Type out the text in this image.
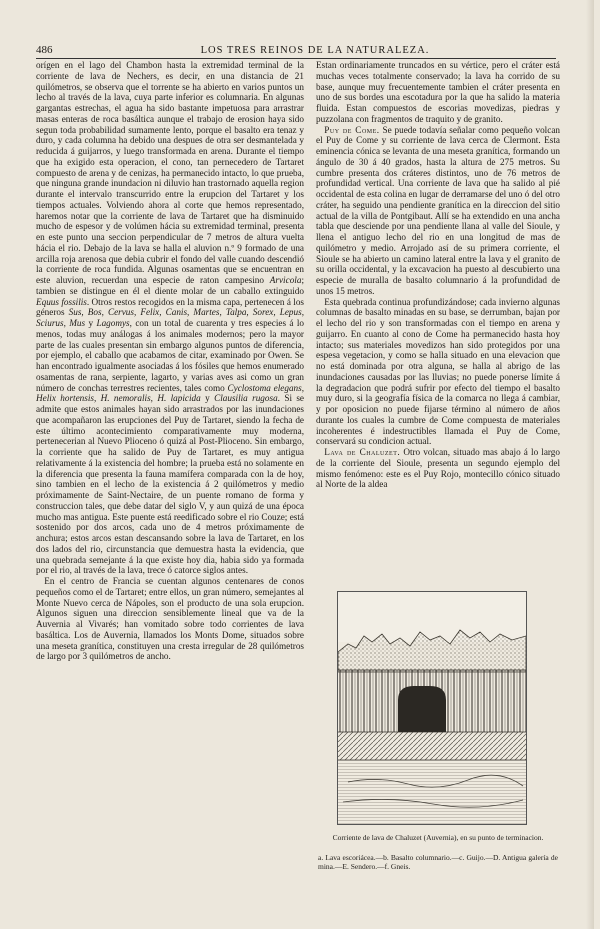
486	LOS TRES REINOS DE LA NATURALEZA.

orígen en el lago del Chambon hasta la extremidad terminal de la corriente de lava de Nechers, es decir, en una distancia de 21 quilómetros, se observa que el torrente se ha abierto en varios puntos un lecho al través de la lava, cuya parte inferior es columnaria. En algunas gargantas estrechas, el agua ha sido bastante impetuosa para arrastrar masas enteras de roca basáltica aunque el trabajo de erosion haya sido segun toda probabilidad sumamente lento, porque el basalto era tenaz y duro, y cada columna ha debido una despues de otra ser desmantelada y reducida á guijarros, y luego transformada en arena. Durante el tiempo que ha exigido esta operacion, el cono, tan pernecedero de Tartaret compuesto de arena y de cenizas, ha permanecido intacto, lo que prueba, que ninguna grande inundacion ni diluvio han trastornado aquella region durante el intervalo transcurrido entre la erupcion del Tartaret y los tiempos actuales. Volviendo ahora al corte que hemos representado, haremos notar que la corriente de lava de Tartaret que ha disminuido mucho de espesor y de volúmen hácia su extremidad terminal, presenta en este punto una seccion perpendicular de 7 metros de altura vuelta hácia el rio. Debajo de la lava se halla el aluvion n.º 9 formado de una arcilla roja arenosa que debia cubrir el fondo del valle cuando descendió la corriente de roca fundida. Algunas osamentas que se encuentran en este aluvion, recuerdan una especie de raton campesino Arvicola; tambien se distingue en él el diente molar de un caballo extinguido Equus fossilis. Otros restos recogidos en la misma capa, pertenecen á los géneros Sus, Bos, Cervus, Felix, Canis, Martes, Talpa, Sorex, Lepus, Sciurus, Mus y Lagomys, con un total de cuarenta y tres especies á lo menos, todas muy análogas á los animales modernos; pero la mayor parte de las cuales presentan sin embargo algunos puntos de diferencia, por ejemplo, el caballo que acabamos de citar, examinado por Owen. Se han encontrado igualmente asociadas á los fósiles que hemos enumerado osamentas de rana, serpiente, lagarto, y varias aves asi como un gran número de conchas terrestres recientes, tales como Cyclostoma elegans, Helix hortensis, H. nemoralis, H. lapicida y Clausilia rugosa. Si se admite que estos animales hayan sido arrastrados por las inundaciones que acompañaron las erupciones del Puy de Tartaret, siendo la fecha de este último acontecimiento comparativamente muy moderna, pertenecerian al Nuevo Plioceno ó quizá al Post-Plioceno. Sin embargo, la corriente que ha salido de Puy de Tartaret, es muy antigua relativamente á la existencia del hombre; la prueba está no solamente en la diferencia que presenta la fauna mamífera comparada con la de hoy, sino tambien en el lecho de la existencia á 2 quilómetros y medio próximamente de Saint-Nectaire, de un puente romano de forma y construccion tales, que debe datar del siglo V, y aun quizá de una época mucho mas antigua. Este puente está reedificado sobre el rio Couze; está sostenido por dos arcos, cada uno de 4 metros próximamente de anchura; estos arcos estan descansando sobre la lava de Tartaret, en los dos lados del rio, circunstancia que demuestra hasta la evidencia, que una quebrada semejante á la que existe hoy dia, habia sido ya formada por el rio, al través de la lava, trece ó catorce siglos antes.

En el centro de Francia se cuentan algunos centenares de conos pequeños como el de Tartaret; entre ellos, un gran número, semejantes al Monte Nuevo cerca de Nápoles, son el producto de una sola erupcion. Algunos siguen una direccion sensiblemente lineal que va de la Auvernia al Vivarés; han vomitado sobre todo corrientes de lava basáltica. Los de Auvernia, llamados los Monts Dome, situados sobre una meseta granítica, constituyen una cresta irregular de 28 quilómetros de largo por 3 quilómetros de ancho.

Estan ordinariamente truncados en su vértice, pero el cráter está muchas veces totalmente conservado; la lava ha corrido de su base, aunque muy frecuentemente tambien el cráter presenta en uno de sus bordes una escotadura por la que ha salido la materia fluida. Estan compuestos de escorias movedizas, piedras y puzzolana con fragmentos de traquito y de granito.

Puy de Come. Se puede todavía señalar como pequeño volcan el Puy de Come y su corriente de lava cerca de Clermont. Esta eminencia cónica se levanta de una meseta granítica, formando un ángulo de 30 á 40 grados, hasta la altura de 275 metros. Su cumbre presenta dos cráteres distintos, uno de 76 metros de profundidad vertical. Una corriente de lava que ha salido al pié occidental de esta colina en lugar de derramarse del uno ó del otro cráter, ha seguido una pendiente granítica en la direccion del sitio actual de la villa de Pontgibaut. Allí se ha extendido en una ancha tabla que desciende por una pendiente llana al valle del Sioule, y llena el antiguo lecho del rio en una longitud de mas de quilómetro y medio. Arrojado así de su primera corriente, el Sioule se ha abierto un camino lateral entre la lava y el granito de su orilla occidental, y la excavacion ha puesto al descubierto una especie de muralla de basalto columnario á la profundidad de unos 15 metros.

Esta quebrada continua profundizándose; cada invierno algunas columnas de basalto minadas en su base, se derrumban, bajan por el lecho del rio y son transformadas con el tiempo en arena y guijarro. En cuanto al cono de Come ha permanecido hasta hoy intacto; sus materiales movedizos han sido protegidos por una espesa vegetacion, y como se halla situado en una elevacion que no está dominada por otra alguna, se halla al abrigo de las inundaciones causadas por las lluvias; no puede ponerse límite á la degradacion que podrá sufrir por efecto del tiempo el basalto muy duro, si la geografía física de la comarca no llega á cambiar, y por oposicion no puede fijarse término al número de años durante los cuales la cumbre de Come compuesta de materiales incoherentes é indestructibles llamada el Puy de Come, conservará su condicion actual.

Lava de Chaluzet. Otro volcan, situado mas abajo á lo largo de la corriente del Sioule, presenta un segundo ejemplo del mismo fenómeno: este es el Puy Rojo, montecillo cónico situado al Norte de la aldea

Corriente de lava de Chaluzet (Auvernia), en su punto de terminacion.
a. Lava escoriácea.—b. Basalto columnario.—c. Guijo.—D. Antigua galería de mina.—E. Sendero.—f. Gneis.
